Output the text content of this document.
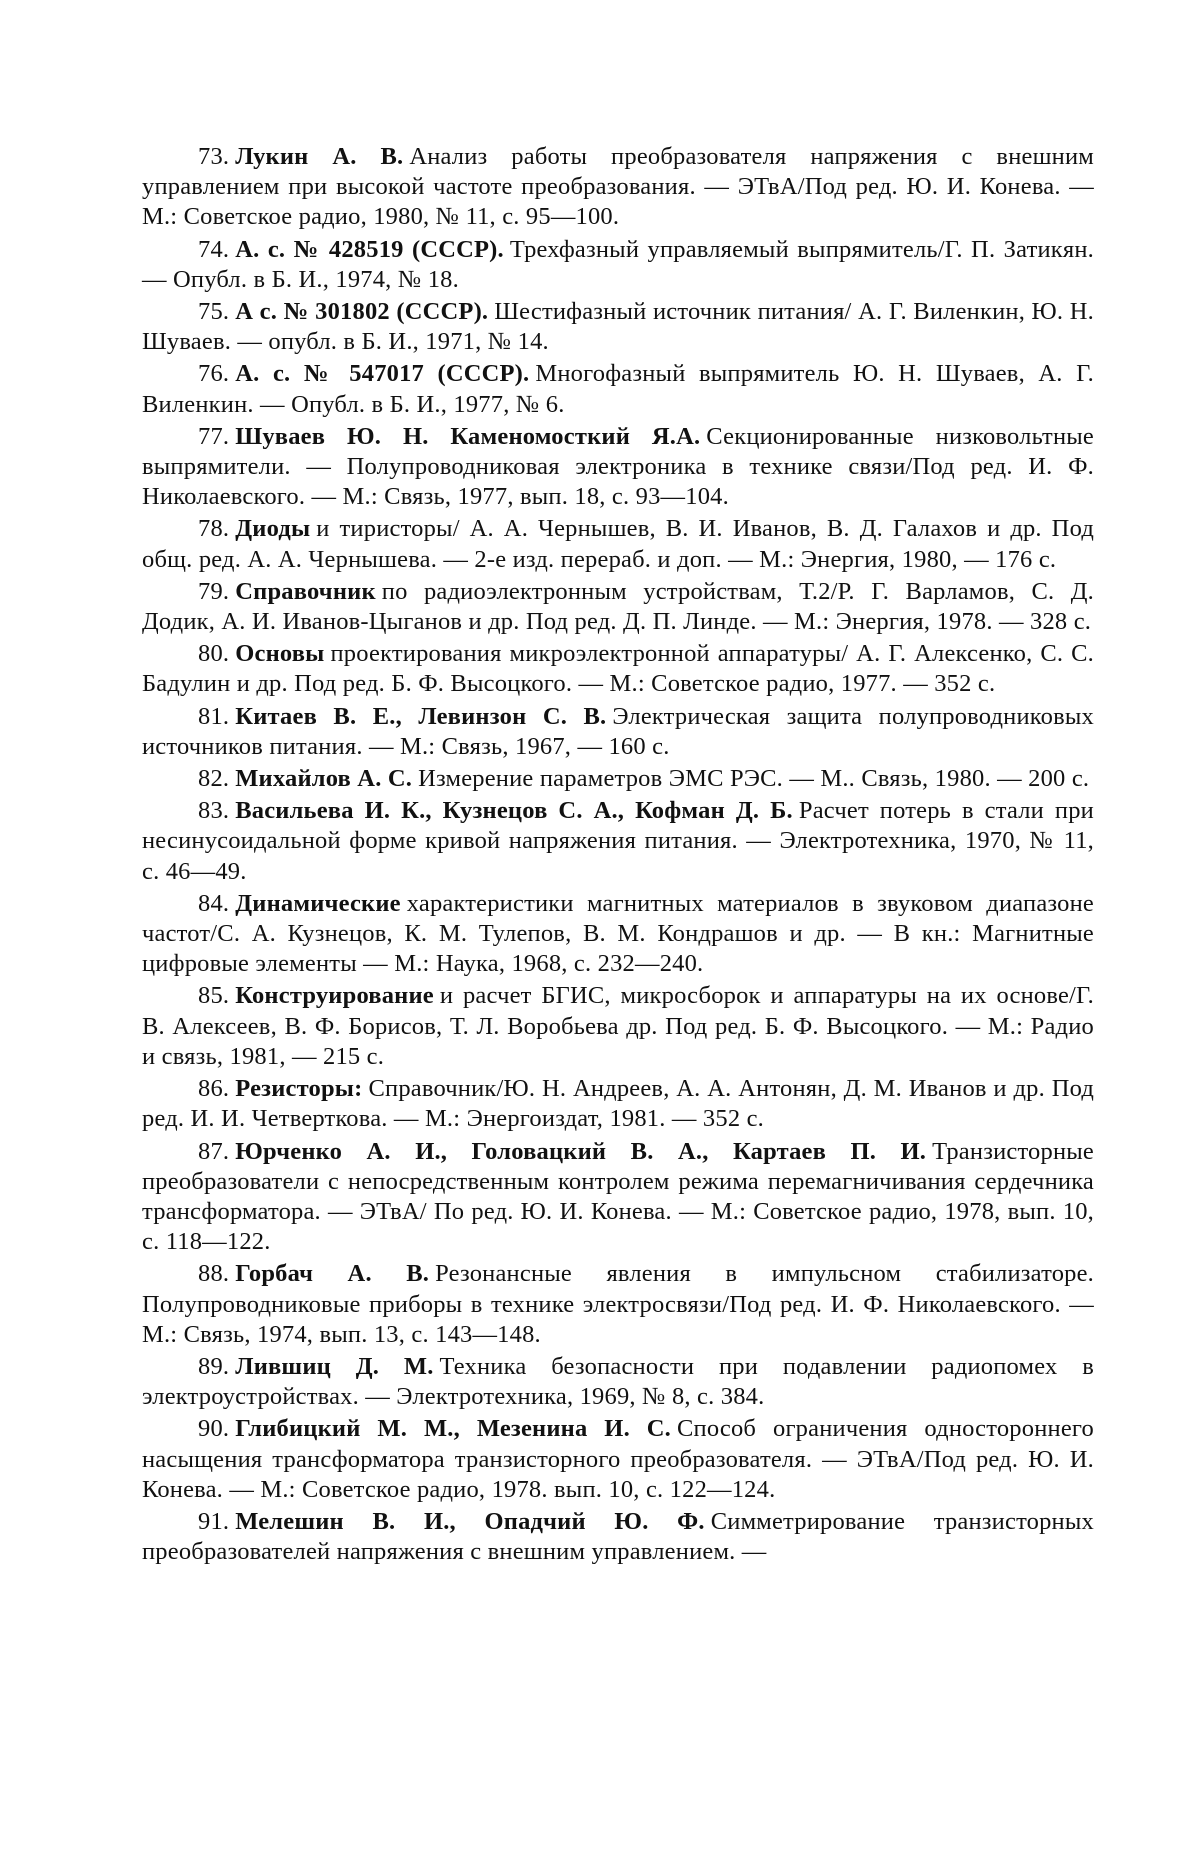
73. Лукин А. В. Анализ работы преобразователя напряжения с внешним управлением при высокой частоте преобразования. — ЭТвА/Под ред. Ю. И. Конева. — М.: Советское радио, 1980, № 11, с. 95—100.

74. А. с. № 428519 (СССР). Трехфазный управляемый выпрямитель/Г. П. Затикян. — Опубл. в Б. И., 1974, № 18.

75. А с. № 301802 (СССР). Шестифазный источник питания/ А. Г. Виленкин, Ю. Н. Шуваев. — опубл. в Б. И., 1971, № 14.

76. А. с. № 547017 (СССР). Многофазный выпрямитель Ю. Н. Шуваев, А. Г. Виленкин. — Опубл. в Б. И., 1977, № 6.

77. Шуваев Ю. Н. Каменомосткий Я.А. Секционированные низковольтные выпрямители. — Полупроводниковая электроника в технике связи/Под ред. И. Ф. Николаевского. — М.: Связь, 1977, вып. 18, с. 93—104.

78. Диоды и тиристоры/ А. А. Чернышев, В. И. Иванов, В. Д. Галахов и др. Под общ. ред. А. А. Чернышева. — 2-е изд. перераб. и доп. — М.: Энергия, 1980, — 176 с.

79. Справочник по радиоэлектронным устройствам, Т.2/Р. Г. Варламов, С. Д. Додик, А. И. Иванов-Цыганов и др. Под ред. Д. П. Линде. — М.: Энергия, 1978. — 328 с.

80. Основы проектирования микроэлектронной аппаратуры/ А. Г. Алексенко, С. С. Бадулин и др. Под ред. Б. Ф. Высоцкого. — М.: Советское радио, 1977. — 352 с.

81. Китаев В. Е., Левинзон С. В. Электрическая защита полупроводниковых источников питания. — М.: Связь, 1967, — 160 с.

82. Михайлов А. С. Измерение параметров ЭМС РЭС. — М.. Связь, 1980. — 200 с.

83. Васильева И. К., Кузнецов С. А., Кофман Д. Б. Расчет потерь в стали при несинусоидальной форме кривой напряжения питания. — Электротехника, 1970, № 11, с. 46—49.

84. Динамические характеристики магнитных материалов в звуковом диапазоне частот/С. А. Кузнецов, К. М. Тулепов, В. М. Кондрашов и др. — В кн.: Магнитные цифровые элементы — М.: Наука, 1968, с. 232—240.

85. Конструирование и расчет БГИС, микросборок и аппаратуры на их основе/Г. В. Алексеев, В. Ф. Борисов, Т. Л. Воробьева др. Под ред. Б. Ф. Высоцкого. — М.: Радио и связь, 1981, — 215 с.

86. Резисторы: Справочник/Ю. Н. Андреев, А. А. Антонян, Д. М. Иванов и др. Под ред. И. И. Четверткова. — М.: Энергоиздат, 1981. — 352 с.

87. Юрченко А. И., Головацкий В. А., Картаев П. И. Транзисторные преобразователи с непосредственным контролем режима перемагничивания сердечника трансформатора. — ЭТвА/ По ред. Ю. И. Конева. — М.: Советское радио, 1978, вып. 10, с. 118—122.

88. Горбач А. В. Резонансные явления в импульсном стабилизаторе. Полупроводниковые приборы в технике электросвязи/Под ред. И. Ф. Николаевского. — М.: Связь, 1974, вып. 13, с. 143—148.

89. Лившиц Д. М. Техника безопасности при подавлении радиопомех в электроустройствах. — Электротехника, 1969, № 8, с. 384.

90. Глибицкий М. М., Мезенина И. С. Способ ограничения одностороннего насыщения трансформатора транзисторного преобразователя. — ЭТвА/Под ред. Ю. И. Конева. — М.: Советское радио, 1978. вып. 10, с. 122—124.

91. Мелешин В. И., Опадчий Ю. Ф. Симметрирование транзисторных преобразователей напряжения с внешним управлением. —
